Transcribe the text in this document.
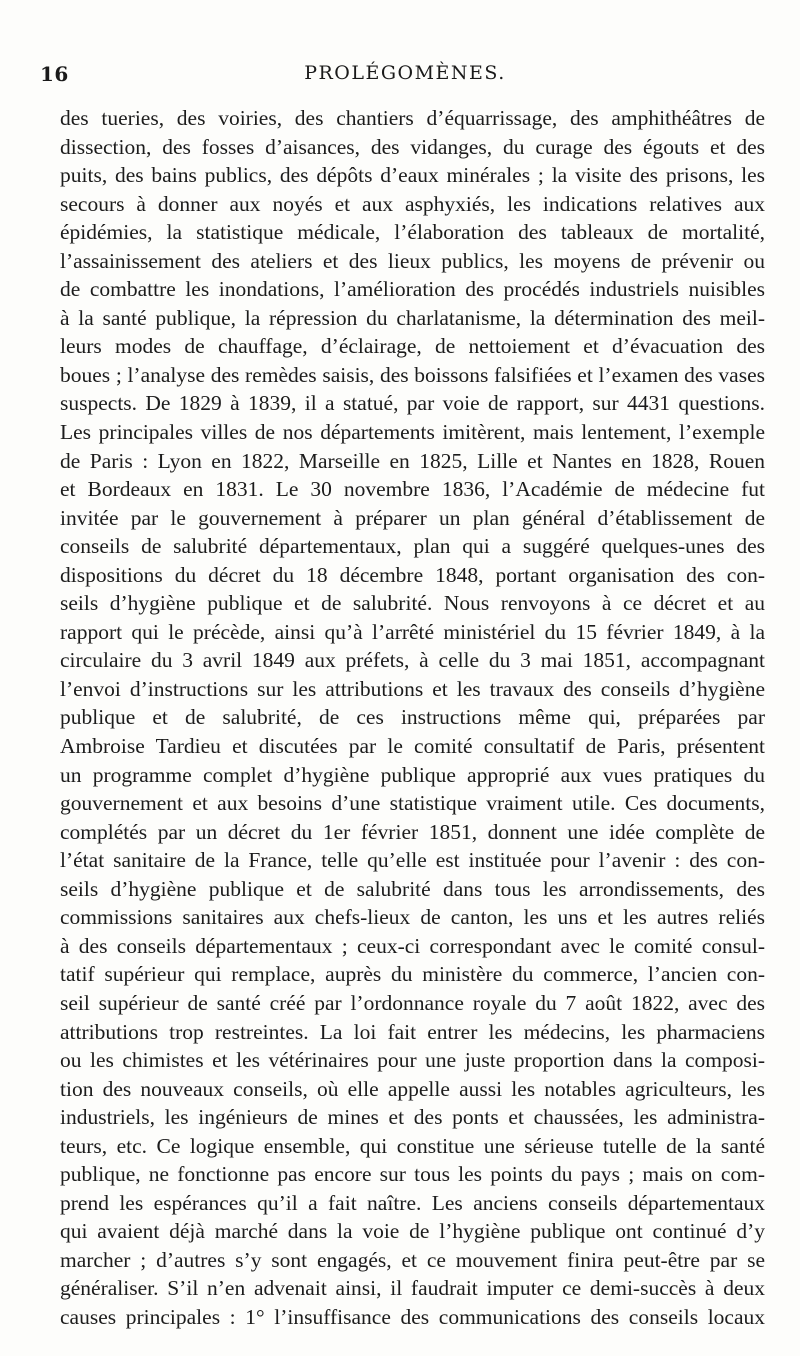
16	PROLÉGOMÈNES.
des tueries, des voiries, des chantiers d’équarrissage, des amphithéâtres de
dissection, des fosses d’aisances, des vidanges, du curage des égouts et des
puits, des bains publics, des dépôts d’eaux minérales ; la visite des prisons, les
secours à donner aux noyés et aux asphyxiés, les indications relatives aux
épidémies, la statistique médicale, l’élaboration des tableaux de mortalité,
l’assainissement des ateliers et des lieux publics, les moyens de prévenir ou
de combattre les inondations, l’amélioration des procédés industriels nuisibles
à la santé publique, la répression du charlatanisme, la détermination des meil-
leurs modes de chauffage, d’éclairage, de nettoiement et d’évacuation des
boues ; l’analyse des remèdes saisis, des boissons falsifiées et l’examen des vases
suspects. De 1829 à 1839, il a statué, par voie de rapport, sur 4431 questions.
Les principales villes de nos départements imitèrent, mais lentement, l’exemple
de Paris : Lyon en 1822, Marseille en 1825, Lille et Nantes en 1828, Rouen
et Bordeaux en 1831. Le 30 novembre 1836, l’Académie de médecine fut
invitée par le gouvernement à préparer un plan général d’établissement de
conseils de salubrité départementaux, plan qui a suggéré quelques-unes des
dispositions du décret du 18 décembre 1848, portant organisation des con-
seils d’hygiène publique et de salubrité. Nous renvoyons à ce décret et au
rapport qui le précède, ainsi qu’à l’arrêté ministériel du 15 février 1849, à la
circulaire du 3 avril 1849 aux préfets, à celle du 3 mai 1851, accompagnant
l’envoi d’instructions sur les attributions et les travaux des conseils d’hygiène
publique et de salubrité, de ces instructions même qui, préparées par
Ambroise Tardieu et discutées par le comité consultatif de Paris, présentent
un programme complet d’hygiène publique approprié aux vues pratiques du
gouvernement et aux besoins d’une statistique vraiment utile. Ces documents,
complétés par un décret du 1er février 1851, donnent une idée complète de
l’état sanitaire de la France, telle qu’elle est instituée pour l’avenir : des con-
seils d’hygiène publique et de salubrité dans tous les arrondissements, des
commissions sanitaires aux chefs-lieux de canton, les uns et les autres reliés
à des conseils départementaux ; ceux-ci correspondant avec le comité consul-
tatif supérieur qui remplace, auprès du ministère du commerce, l’ancien con-
seil supérieur de santé créé par l’ordonnance royale du 7 août 1822, avec des
attributions trop restreintes. La loi fait entrer les médecins, les pharmaciens
ou les chimistes et les vétérinaires pour une juste proportion dans la composi-
tion des nouveaux conseils, où elle appelle aussi les notables agriculteurs, les
industriels, les ingénieurs de mines et des ponts et chaussées, les administra-
teurs, etc. Ce logique ensemble, qui constitue une sérieuse tutelle de la santé
publique, ne fonctionne pas encore sur tous les points du pays ; mais on com-
prend les espérances qu’il a fait naître. Les anciens conseils départementaux
qui avaient déjà marché dans la voie de l’hygiène publique ont continué d’y
marcher ; d’autres s’y sont engagés, et ce mouvement finira peut-être par se
généraliser. S’il n’en advenait ainsi, il faudrait imputer ce demi-succès à deux
causes principales : 1° l’insuffisance des communications des conseils locaux
